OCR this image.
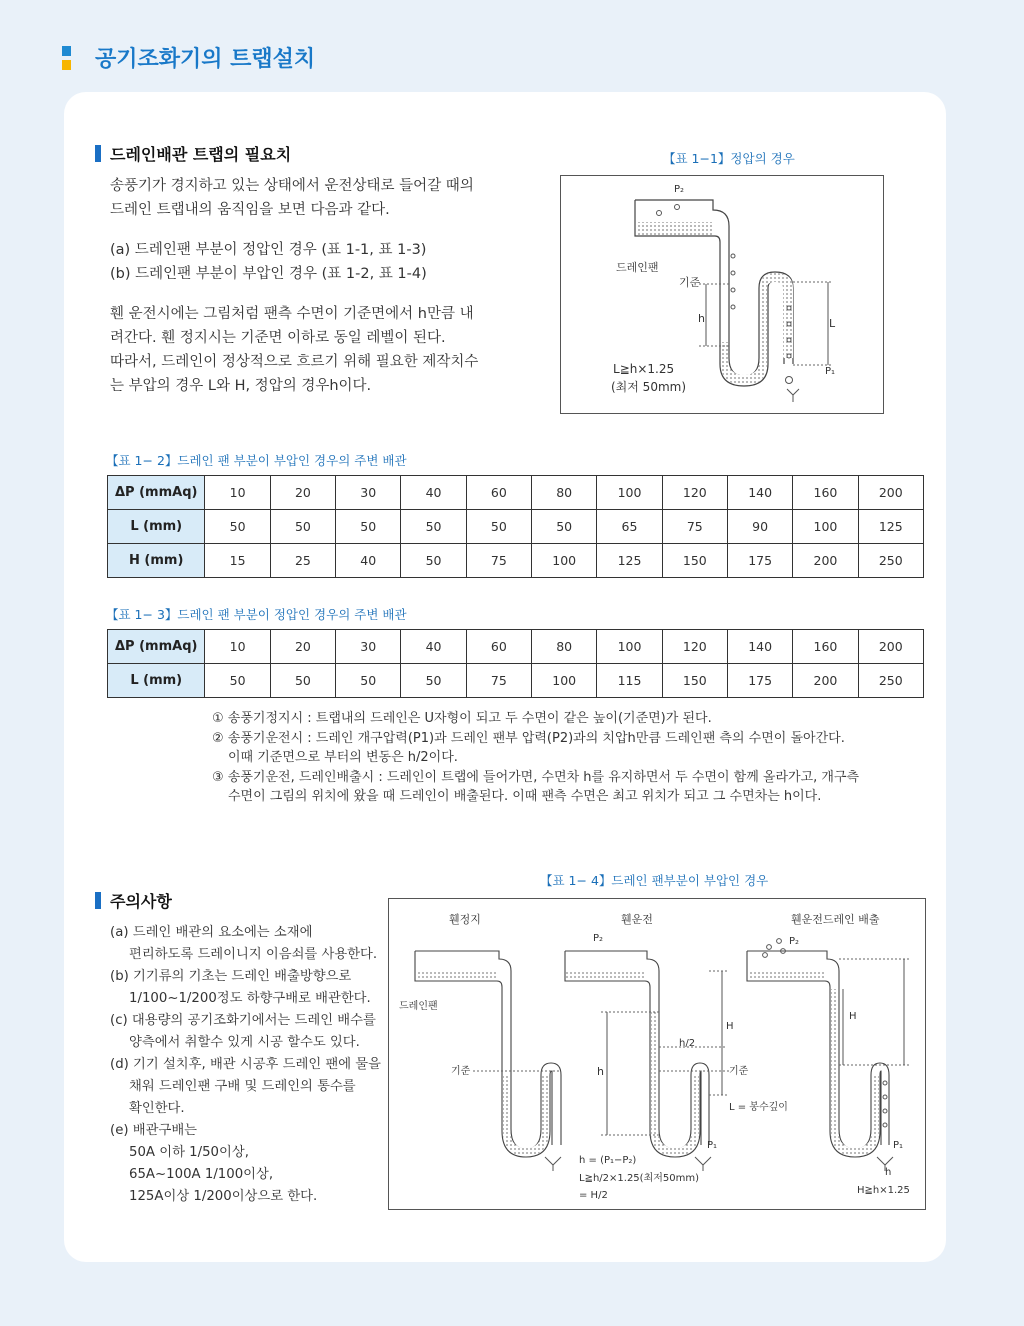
공기조화기의 트랩설치
드레인배관 트랩의 필요치

송풍기가 경지하고 있는 상태에서 운전상태로 들어갈 때의

드레인 트랩내의 움직임을 보면 다음과 같다.

(a) 드레인팬 부분이 정압인 경우 (표 1-1, 표 1-3)

(b) 드레인팬 부분이 부압인 경우 (표 1-2, 표 1-4)

휀 운전시에는 그림처럼 팬측 수면이 기준면에서 h만큼 내

려간다. 휀 정지시는 기준면 이하로 동일 레벨이 된다.

따라서, 드레인이 정상적으로 흐르기 위해 필요한 제작치수

는 부압의 경우 L와 H, 정압의 경우h이다.

【표 1−1】정압의 경우
P₂
드레인팬
기준
h	L
P₁
L≧h×1.25
(최저 50mm)
【표 1− 2】드레인 팬 부분이 부압인 경우의 주변 배관
ΔP (mmAq)	10	20	30	40	60	80	100	120	140	160	200
L (mm)	50	50	50	50	50	50	65	75	90	100	125
H (mm)	15	25	40	50	75	100	125	150	175	200	250
【표 1− 3】드레인 팬 부분이 정압인 경우의 주변 배관
ΔP (mmAq)	10	20	30	40	60	80	100	120	140	160	200
L (mm)	50	50	50	50	75	100	115	150	175	200	250

① 송풍기정지시 : 트랩내의 드레인은 U자형이 되고 두 수면이 같은 높이(기준면)가 된다.

② 송풍기운전시 : 드레인 개구압력(P1)과 드레인 팬부 압력(P2)과의 치압h만큼 드레인팬 측의 수면이 돌아간다.

이때 기준면으로 부터의 변동은 h/2이다.

③ 송풍기운전, 드레인배출시 : 드레인이 트랩에 들어가면, 수면차 h를 유지하면서 두 수면이 함께 올라가고, 개구측

수면이 그림의 위치에 왔을 때 드레인이 배출된다. 이때 팬측 수면은 최고 위치가 되고 그 수면차는 h이다.

주의사항

(a) 드레인 배관의 요소에는 소재에

편리하도록 드레이니지 이음쇠를 사용한다.

(b) 기기류의 기초는 드레인 배출방향으로

1/100~1/200정도 하향구배로 배관한다.

(c) 대용량의 공기조화기에서는 드레인 배수를

양측에서 취할수 있게 시공 할수도 있다.

(d) 기기 설치후, 배관 시공후 드레인 팬에 물을

채워 드레인팬 구배 및 드레인의 통수를

확인한다.

(e) 배관구배는

50A 이하 1/50이상,

65A~100A 1/100이상,

125A이상 1/200이상으로 한다.

【표 1− 4】드레인 팬부분이 부압인 경우
휀정지	휀운전	휀운전드레인 배출
드레인팬
기준
P₂
h
h/2
H
기준
L = 봉수깊이
P₁
h = (P₁−P₂)
L≧h/2×1.25(최저50mm)
= H/2
P₂
H
P₁
h
H≧h×1.25
